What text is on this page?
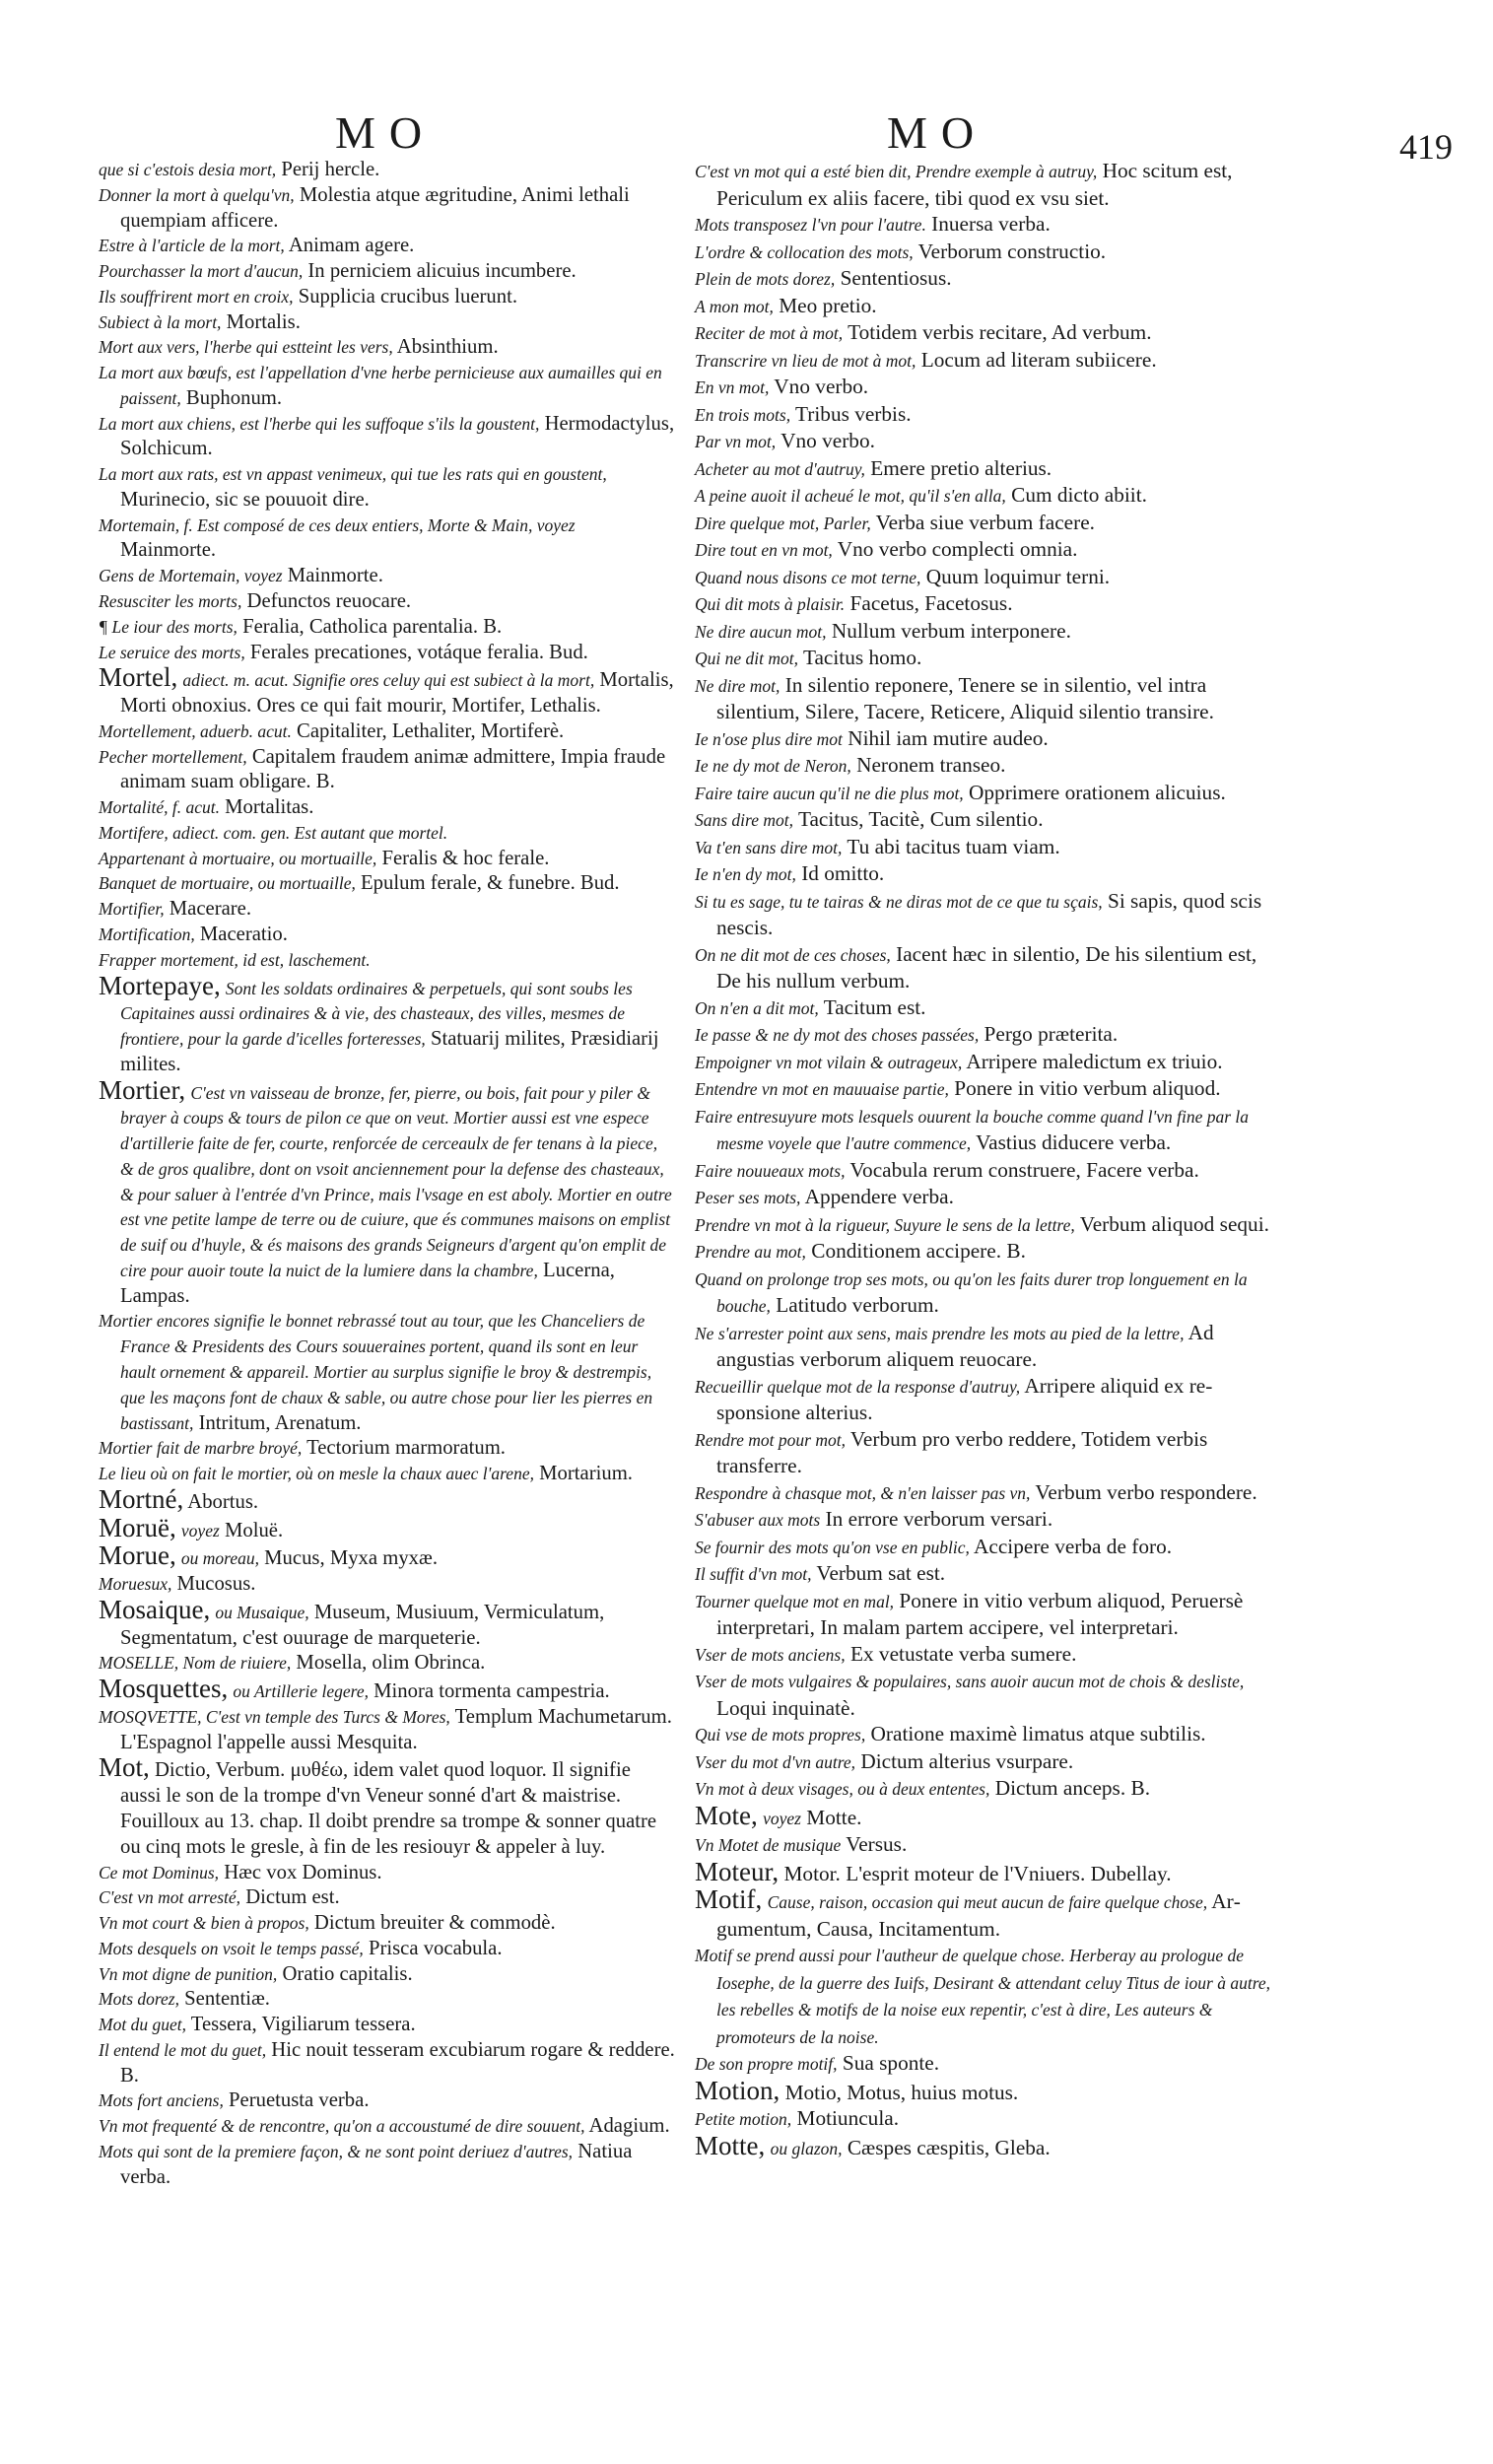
MO	MO	419
que si c'estois desia mort, Perij hercle.
Donner la mort à quelqu'vn, Molestia atque ægritudine, Animi lethali quempiam afficere.
Estre à l'article de la mort, Animam agere.
Pourchasser la mort d'aucun, In perniciem alicuius incumbere.
Ils souffrirent mort en croix, Supplicia crucibus luerunt.
Subiect à la mort, Mortalis.
Mort aux vers, l'herbe qui estteint les vers, Absinthium.
La mort aux bœufs, est l'appellation d'vne herbe pernicieuse aux aumailles qui en paissent, Buphonum.
La mort aux chiens, est l'herbe qui les suffoque s'ils la goustent, Hermodactylus, Solchicum.
La mort aux rats, est vn appast venimeux, qui tue les rats qui en goustent, Murinecio, sic se pouuoit dire.
Mortemain, f. Est composé de ces deux entiers, Morte & Main, voyez Mainmorte.
Gens de Mortemain, voyez Mainmorte.
Resusciter les morts, Defunctos reuocare.
¶ Le iour des morts, Feralia, Catholica parentalia. B.
Le seruice des morts, Ferales precationes, votáque feralia. Bud.
Mortel, adiect. m. acut. Signifie ores celuy qui est subiect à la mort, Mortalis, Morti obnoxius. Ores ce qui fait mourir, Mortifer, Lethalis.
Mortellement, aduerb. acut. Capitaliter, Lethaliter, Mortiferè.
Pecher mortellement, Capitalem fraudem animæ admittere, Impia fraude animam suam obligare. B.
Mortalité, f. acut. Mortalitas.
Mortifere, adiect. com. gen. Est autant que mortel.
Appartenant à mortuaire, ou mortuaille, Feralis & hoc ferale.
Banquet de mortuaire, ou mortuaille, Epulum ferale, & funebre. Bud.
Mortifier, Macerare.
Mortification, Maceratio.
Frapper mortement, id est, laschement.
Mortepaye, Sont les soldats ordinaires & perpetuels, qui sont soubs les Capitaines aussi ordinaires & à vie, des chasteaux, des villes, mesmes de frontiere, pour la garde d'icelles forteresses, Statuarij milites, Præsidiarij milites.
Mortier, C'est vn vaisseau de bronze, fer, pierre, ou bois, fait pour y piler & brayer à coups & tours de pilon ce que on veut. Mortier aussi est vne espece d'artillerie faite de fer, courte, renforcée de cerceaulx de fer tenans à la piece, & de gros qualibre, dont on vsoit anciennement pour la defense des chasteaux, & pour saluer à l'entrée d'vn Prince, mais l'vsage en est aboly. Mortier en outre est vne petite lampe de terre ou de cuiure, que és communes maisons on emplist de suif ou d'huyle, & és maisons des grands Seigneurs d'argent qu'on emplit de cire pour auoir toute la nuict de la lumiere dans la chambre, Lucerna, Lampas.
Mortier encores signifie le bonnet rebrassé tout au tour, que les Chanceliers de France & Presidents des Cours souueraines portent, quand ils sont en leur hault ornement & appareil. Mortier au surplus signifie le broy & destrempis, que les maçons font de chaux & sable, ou autre chose pour lier les pierres en bastissant, Intritum, Arenatum.
Mortier fait de marbre broyé, Tectorium marmoratum.
Le lieu où on fait le mortier, où on mesle la chaux auec l'arene, Mortarium.
Mortné, Abortus.
Moruë, voyez Moluë.
Morue, ou moreau, Mucus, Myxa myxæ.
Moruesux, Mucosus.
Mosaique, ou Musaique, Museum, Musiuum, Vermiculatum, Segmentatum, c'est ouurage de marqueterie.
MOSELLE, Nom de riuiere, Mosella, olim Obrinca.
Mosquettes, ou Artillerie legere, Minora tormenta campestria.
MOSQVETTE, C'est vn temple des Turcs & Mores, Templum Machumetarum. L'Espagnol l'appelle aussi Mesquita.
Mot, Dictio, Verbum. μυθέω, idem valet quod loquor. Il signifie aussi le son de la trompe d'vn Veneur sonné d'art & maistrise. Fouilloux au 13. chap. Il doibt prendre sa trompe & sonner quatre ou cinq mots le gresle, à fin de les resiouyr & appeler à luy.
Ce mot Dominus, Hæc vox Dominus.
C'est vn mot arresté, Dictum est.
Vn mot court & bien à propos, Dictum breuiter & commodè.
Mots desquels on vsoit le temps passé, Prisca vocabula.
Vn mot digne de punition, Oratio capitalis.
Mots dorez, Sententiæ.
Mot du guet, Tessera, Vigiliarum tessera.
Il entend le mot du guet, Hic nouit tesseram excubiarum rogare & reddere. B.
Mots fort anciens, Peruetusta verba.
Vn mot frequenté & de rencontre, qu'on a accoustumé de dire souuent, Adagium.
Mots qui sont de la premiere façon, & ne sont point deriuez d'autres, Natiua verba.
C'est vn mot qui a esté bien dit, Prendre exemple à autruy, Hoc scitum est, Periculum ex aliis facere, tibi quod ex vsu siet.
Mots transposez l'vn pour l'autre. Inuersa verba.
L'ordre & collocation des mots, Verborum constructio.
Plein de mots dorez, Sententiosus.
A mon mot, Meo pretio.
Reciter de mot à mot, Totidem verbis recitare, Ad verbum.
Transcrire vn lieu de mot à mot, Locum ad literam subiicere.
En vn mot, Vno verbo.
En trois mots, Tribus verbis.
Par vn mot, Vno verbo.
Acheter au mot d'autruy, Emere pretio alterius.
A peine auoit il acheué le mot, qu'il s'en alla, Cum dicto abiit.
Dire quelque mot, Parler, Verba siue verbum facere.
Dire tout en vn mot, Vno verbo complecti omnia.
Quand nous disons ce mot terne, Quum loquimur terni.
Qui dit mots à plaisir. Facetus, Facetosus.
Ne dire aucun mot, Nullum verbum interponere.
Qui ne dit mot, Tacitus homo.
Ne dire mot, In silentio reponere, Tenere se in silentio, vel intra silentium, Silere, Tacere, Reticere, Aliquid silentio transire.
Ie n'ose plus dire mot Nihil iam mutire audeo.
Ie ne dy mot de Neron, Neronem transeo.
Faire taire aucun qu'il ne die plus mot, Opprimere orationem alicuius.
Sans dire mot, Tacitus, Tacitè, Cum silentio.
Va t'en sans dire mot, Tu abi tacitus tuam viam.
Ie n'en dy mot, Id omitto.
Si tu es sage, tu te tairas & ne diras mot de ce que tu sçais, Si sapis, quod scis nescis.
On ne dit mot de ces choses, Iacent hæc in silentio, De his silentium est, De his nullum verbum.
On n'en a dit mot, Tacitum est.
Ie passe & ne dy mot des choses passées, Pergo præterita.
Empoigner vn mot vilain & outrageux, Arripere maledictum ex triuio.
Entendre vn mot en mauuaise partie, Ponere in vitio verbum aliquod.
Faire entresuyure mots lesquels ouurent la bouche comme quand l'vn fine par la mesme voyele que l'autre commence, Vastius diducere verba.
Faire nouueaux mots, Vocabula rerum construere, Facere verba.
Peser ses mots, Appendere verba.
Prendre vn mot à la rigueur, Suyure le sens de la lettre, Verbum aliquod sequi.
Prendre au mot, Conditionem accipere. B.
Quand on prolonge trop ses mots, ou qu'on les faits durer trop longuement en la bouche, Latitudo verborum.
Ne s'arrester point aux sens, mais prendre les mots au pied de la lettre, Ad angustias verborum aliquem reuocare.
Recueillir quelque mot de la response d'autruy, Arripere aliquid ex responsione alterius.
Rendre mot pour mot, Verbum pro verbo reddere, Totidem verbis transferre.
Respondre à chasque mot, & n'en laisser pas vn, Verbum verbo respondere.
S'abuser aux mots In errore verborum versari.
Se fournir des mots qu'on vse en public, Accipere verba de foro.
Il suffit d'vn mot, Verbum sat est.
Tourner quelque mot en mal, Ponere in vitio verbum aliquod, Peruersè interpretari, In malam partem accipere, vel interpretari.
Vser de mots anciens, Ex vetustate verba sumere.
Vser de mots vulgaires & populaires, sans auoir aucun mot de chois & desliste, Loqui inquinatè.
Qui vse de mots propres, Oratione maximè limatus atque subtilis.
Vser du mot d'vn autre, Dictum alterius vsurpare.
Vn mot à deux visages, ou à deux ententes, Dictum anceps. B.
Mote, voyez Motte.
Vn Motet de musique Versus.
Moteur, Motor. L'esprit moteur de l'Vniuers. Dubellay.
Motif, Cause, raison, occasion qui meut aucun de faire quelque chose, Argumentum, Causa, Incitamentum.
Motif se prend aussi pour l'autheur de quelque chose. Herberay au prologue de Iosephe, de la guerre des Iuifs, Desirant & attendant celuy Titus de iour à autre, les rebelles & motifs de la noise eux repentir, c'est à dire, Les auteurs & promoteurs de la noise.
De son propre motif, Sua sponte.
Motion, Motio, Motus, huius motus.
Petite motion, Motiuncula.
Motte, ou glazon, Cæspes cæspitis, Gleba.
